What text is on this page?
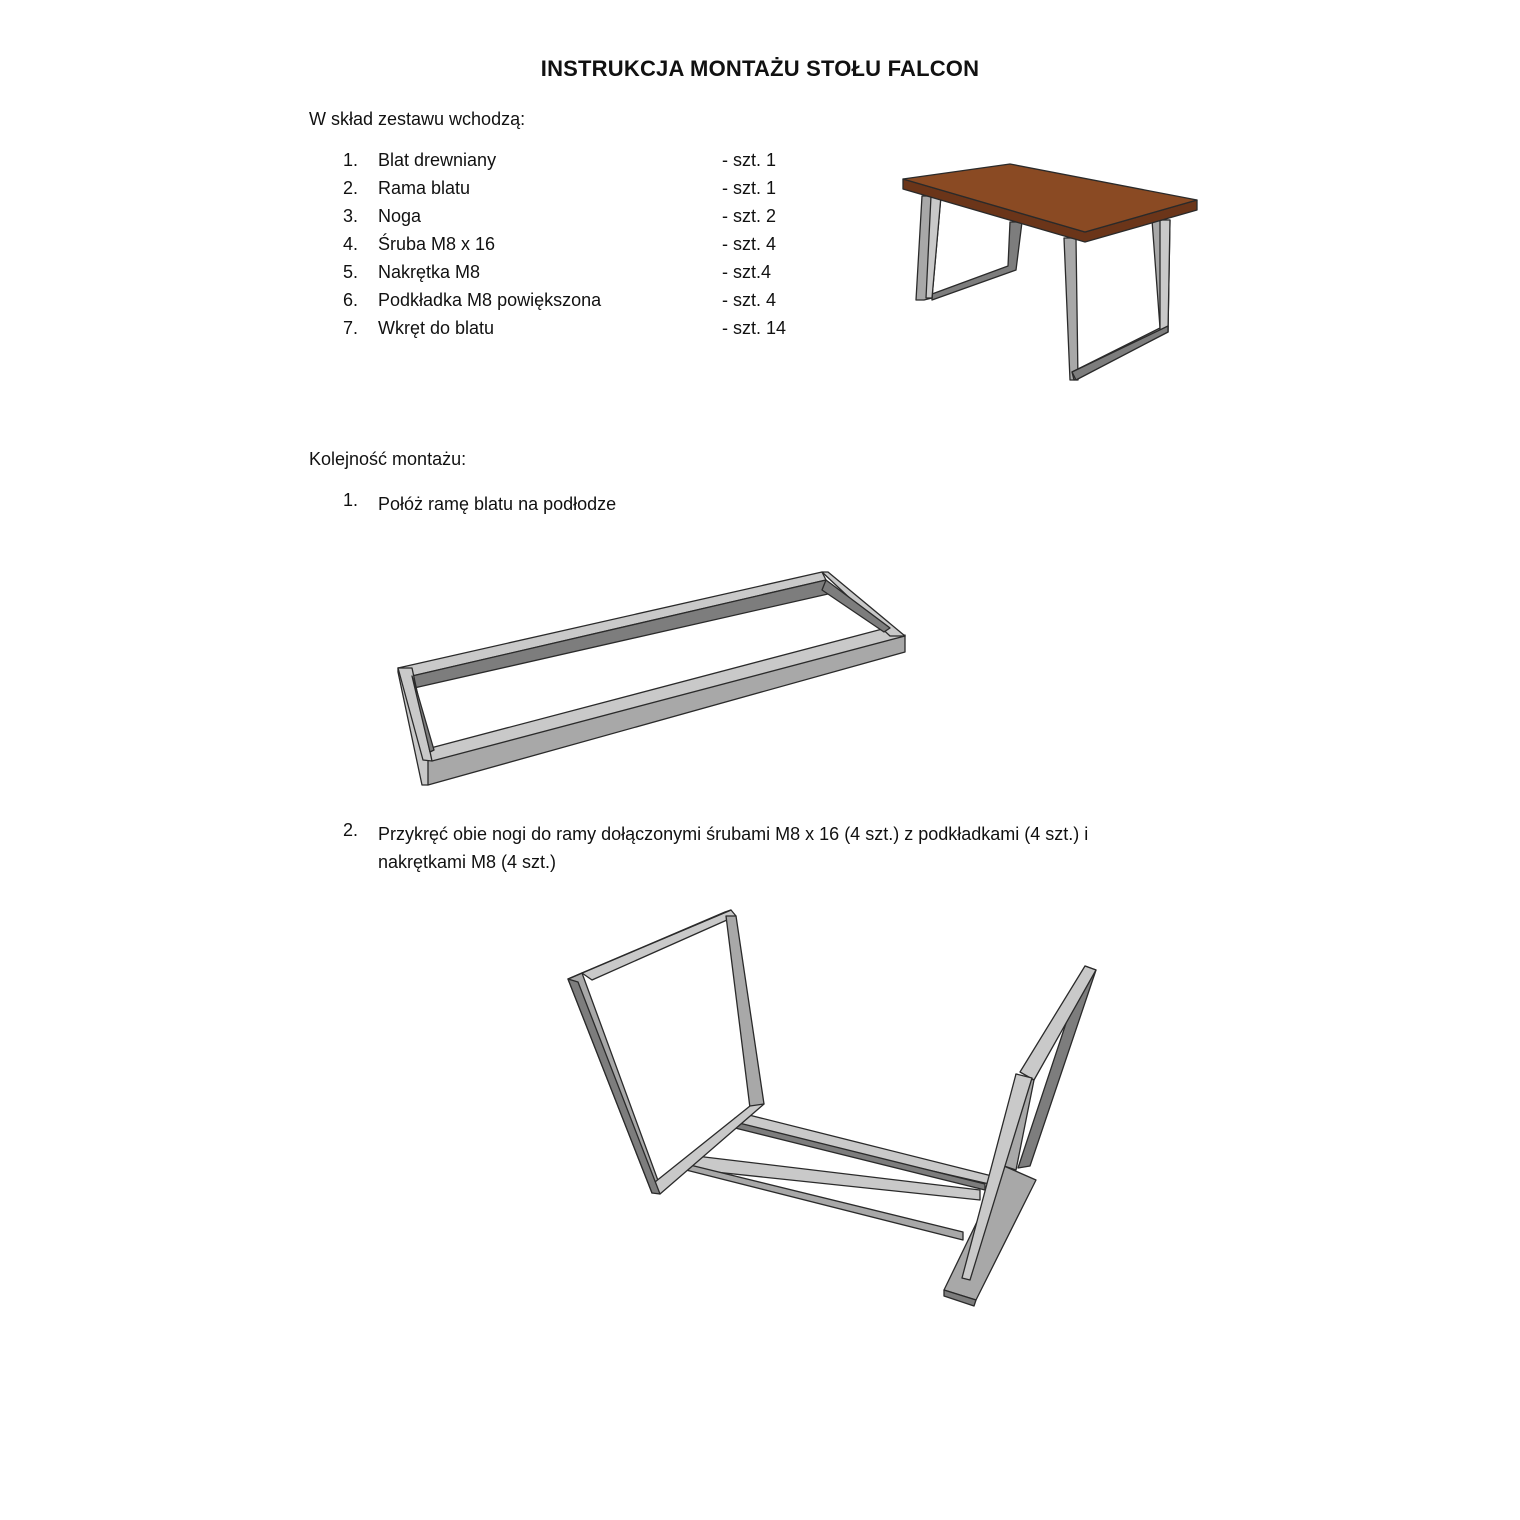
INSTRUKCJA MONTAŻU STOŁU FALCON
W skład zestawu wchodzą:
1. Blat drewniany	- szt. 1
2. Rama blatu	- szt. 1
3. Noga	- szt. 2
4. Śruba M8 x 16	- szt. 4
5. Nakrętka M8	- szt.4
6. Podkładka M8 powiększona	- szt. 4
7. Wkręt do blatu	- szt. 14
Kolejność montażu:
1. Połóż ramę blatu na podłodze
2. Przykręć obie nogi do ramy dołączonymi śrubami M8 x 16 (4 szt.) z podkładkami (4 szt.) i nakrętkami M8 (4 szt.)
